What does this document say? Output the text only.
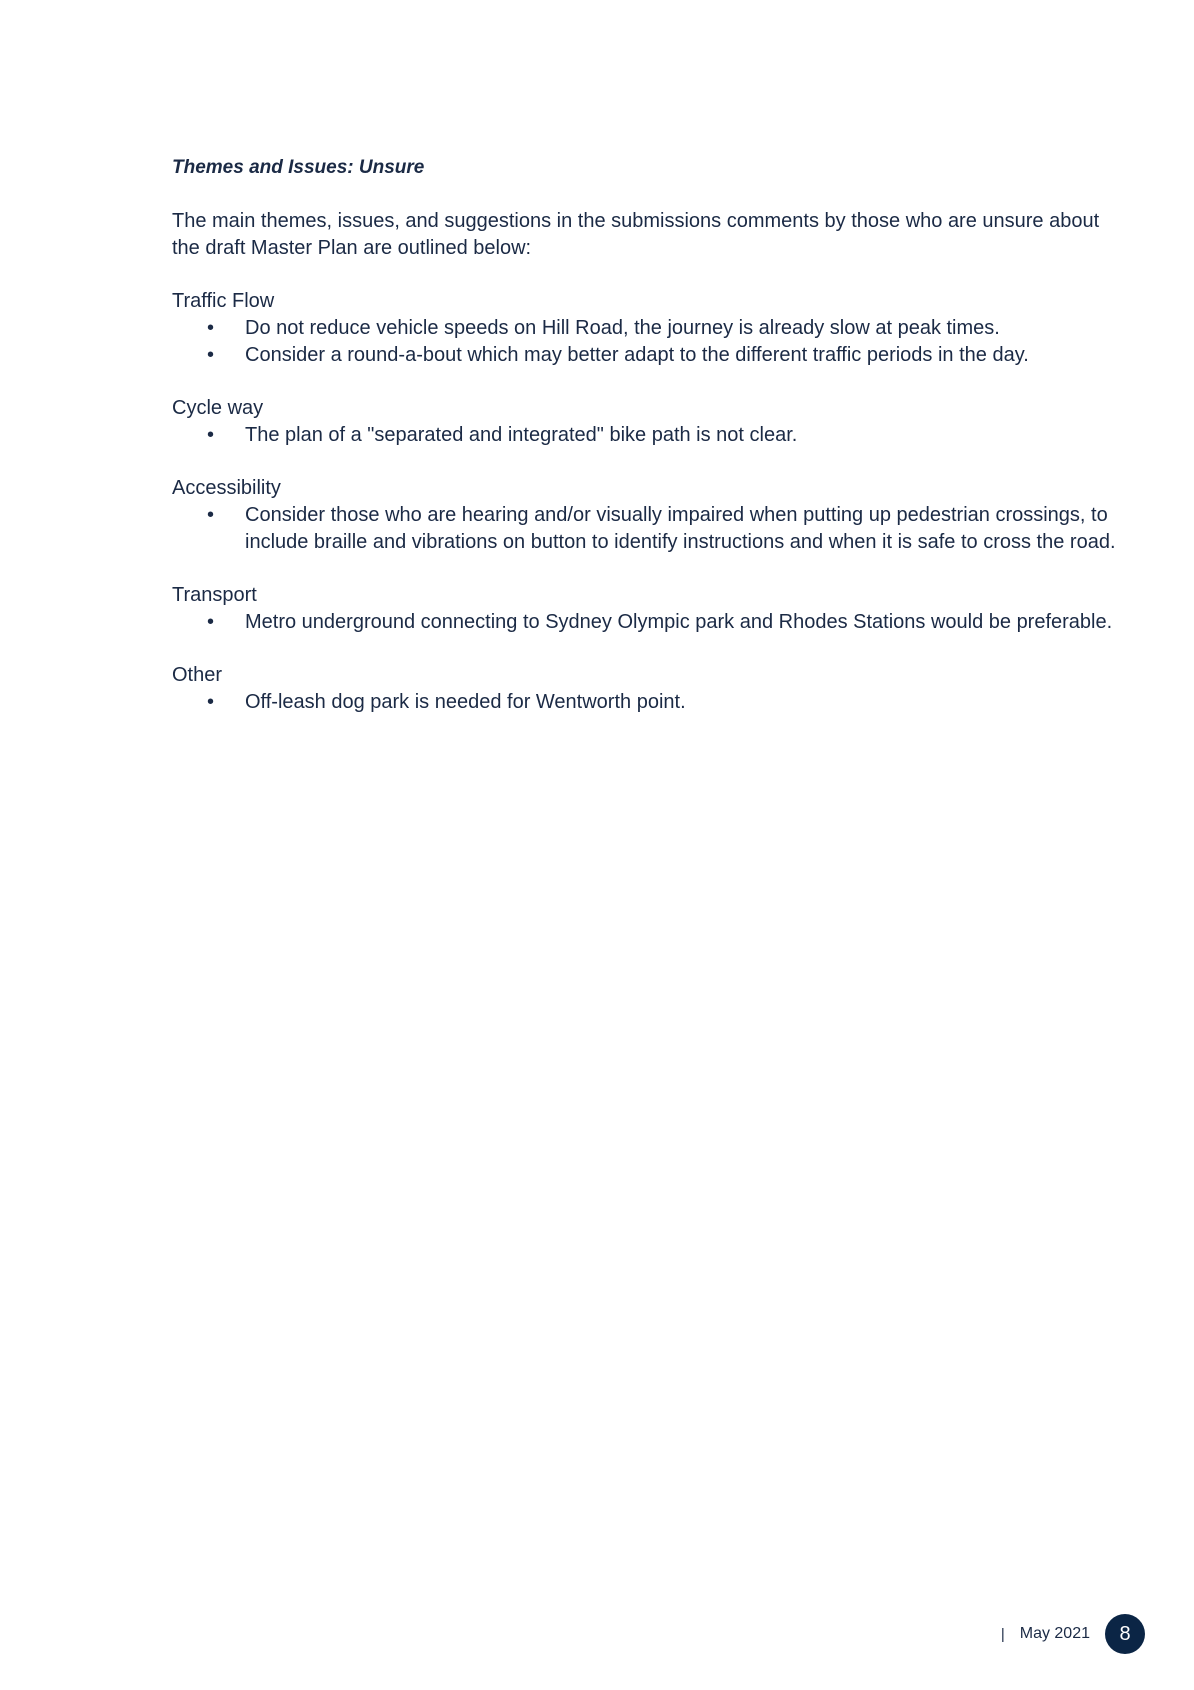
Themes and Issues: Unsure

The main themes, issues, and suggestions in the submissions comments by those who are unsure about the draft Master Plan are outlined below:

Traffic Flow
• Do not reduce vehicle speeds on Hill Road, the journey is already slow at peak times.
• Consider a round-a-bout which may better adapt to the different traffic periods in the day.
Cycle way
• The plan of a "separated and integrated" bike path is not clear.
Accessibility
• Consider those who are hearing and/or visually impaired when putting up pedestrian crossings, to include braille and vibrations on button to identify instructions and when it is safe to cross the road.
Transport
• Metro underground connecting to Sydney Olympic park and Rhodes Stations would be preferable.
Other
• Off-leash dog park is needed for Wentworth point.
| May 2021	8
